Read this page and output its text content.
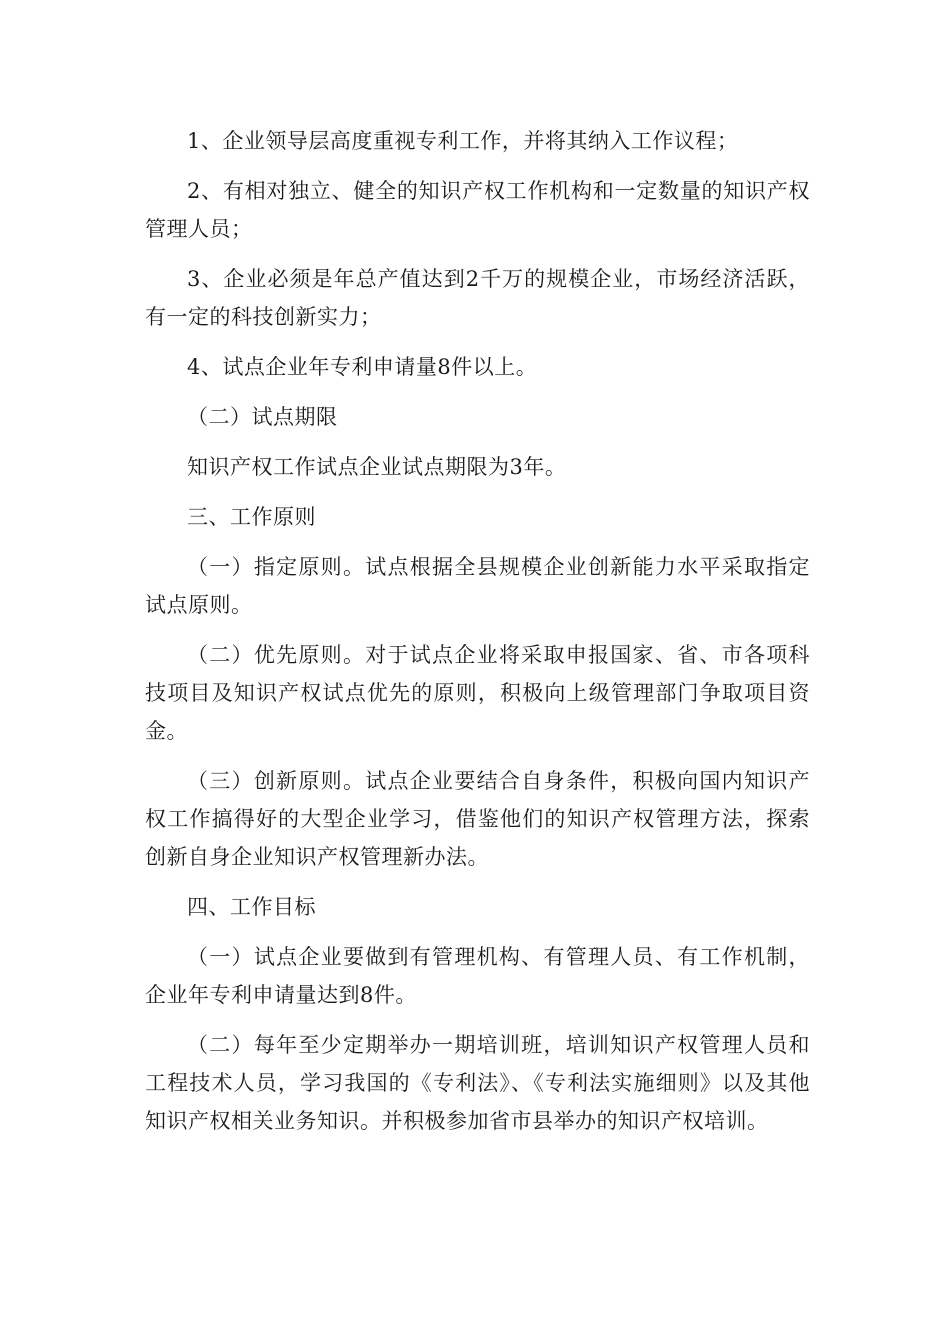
1、企业领导层高度重视专利工作，并将其纳入工作议程；

2、有相对独立、健全的知识产权工作机构和一定数量的知识产权管理人员；

3、企业必须是年总产值达到2千万的规模企业，市场经济活跃，有一定的科技创新实力；

4、试点企业年专利申请量8件以上。

（二）试点期限

知识产权工作试点企业试点期限为3年。

三、工作原则

（一）指定原则。试点根据全县规模企业创新能力水平采取指定试点原则。

（二）优先原则。对于试点企业将采取申报国家、省、市各项科技项目及知识产权试点优先的原则，积极向上级管理部门争取项目资金。

（三）创新原则。试点企业要结合自身条件，积极向国内知识产权工作搞得好的大型企业学习，借鉴他们的知识产权管理方法，探索创新自身企业知识产权管理新办法。

四、工作目标

（一）试点企业要做到有管理机构、有管理人员、有工作机制，企业年专利申请量达到8件。

（二）每年至少定期举办一期培训班，培训知识产权管理人员和工程技术人员，学习我国的《专利法》、《专利法实施细则》以及其他知识产权相关业务知识。并积极参加省市县举办的知识产权培训。
